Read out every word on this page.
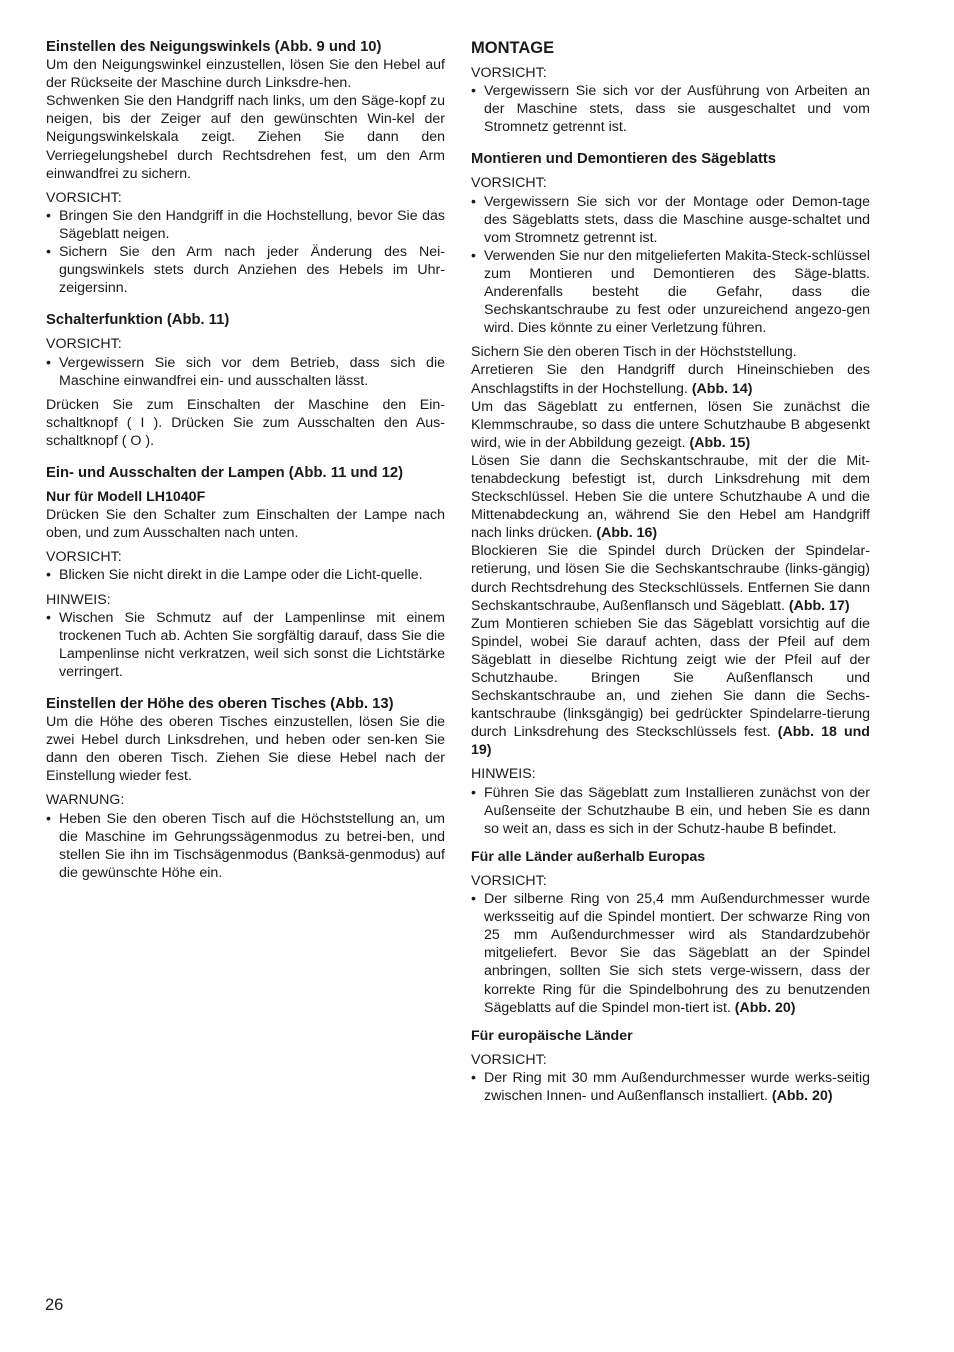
Einstellen des Neigungswinkels (Abb. 9 und 10)

Um den Neigungswinkel einzustellen, lösen Sie den Hebel auf der Rückseite der Maschine durch Linksdre-hen.

Schwenken Sie den Handgriff nach links, um den Säge-kopf zu neigen, bis der Zeiger auf den gewünschten Win-kel der Neigungswinkelskala zeigt. Ziehen Sie dann den Verriegelungshebel durch Rechtsdrehen fest, um den Arm einwandfrei zu sichern.

VORSICHT:

• Bringen Sie den Handgriff in die Hochstellung, bevor Sie das Sägeblatt neigen.
• Sichern Sie den Arm nach jeder Änderung des Nei-gungswinkels stets durch Anziehen des Hebels im Uhr-zeigersinn.
Schalterfunktion (Abb. 11)

VORSICHT:

• Vergewissern Sie sich vor dem Betrieb, dass sich die Maschine einwandfrei ein- und ausschalten lässt.

Drücken Sie zum Einschalten der Maschine den Ein-schaltknopf ( I ). Drücken Sie zum Ausschalten den Aus-schaltknopf ( O ).

Ein- und Ausschalten der Lampen (Abb. 11 und 12)
Nur für Modell LH1040F

Drücken Sie den Schalter zum Einschalten der Lampe nach oben, und zum Ausschalten nach unten.

VORSICHT:

• Blicken Sie nicht direkt in die Lampe oder die Licht-quelle.

HINWEIS:

• Wischen Sie Schmutz auf der Lampenlinse mit einem trockenen Tuch ab. Achten Sie sorgfältig darauf, dass Sie die Lampenlinse nicht verkratzen, weil sich sonst die Lichtstärke verringert.
Einstellen der Höhe des oberen Tisches (Abb. 13)

Um die Höhe des oberen Tisches einzustellen, lösen Sie die zwei Hebel durch Linksdrehen, und heben oder sen-ken Sie dann den oberen Tisch. Ziehen Sie diese Hebel nach der Einstellung wieder fest.

WARNUNG:

• Heben Sie den oberen Tisch auf die Höchststellung an, um die Maschine im Gehrungssägenmodus zu betrei-ben, und stellen Sie ihn im Tischsägenmodus (Banksä-genmodus) auf die gewünschte Höhe ein.
MONTAGE

VORSICHT:

• Vergewissern Sie sich vor der Ausführung von Arbeiten an der Maschine stets, dass sie ausgeschaltet und vom Stromnetz getrennt ist.
Montieren und Demontieren des Sägeblatts

VORSICHT:

• Vergewissern Sie sich vor der Montage oder Demon-tage des Sägeblatts stets, dass die Maschine ausge-schaltet und vom Stromnetz getrennt ist.
• Verwenden Sie nur den mitgelieferten Makita-Steck-schlüssel zum Montieren und Demontieren des Säge-blatts. Anderenfalls besteht die Gefahr, dass die Sechskantschraube zu fest oder unzureichend angezo-gen wird. Dies könnte zu einer Verletzung führen.

Sichern Sie den oberen Tisch in der Höchststellung.

Arretieren Sie den Handgriff durch Hineinschieben des Anschlagstifts in der Hochstellung. (Abb. 14)

Um das Sägeblatt zu entfernen, lösen Sie zunächst die Klemmschraube, so dass die untere Schutzhaube B abgesenkt wird, wie in der Abbildung gezeigt. (Abb. 15)

Lösen Sie dann die Sechskantschraube, mit der die Mit-tenabdeckung befestigt ist, durch Linksdrehung mit dem Steckschlüssel. Heben Sie die untere Schutzhaube A und die Mittenabdeckung an, während Sie den Hebel am Handgriff nach links drücken. (Abb. 16)

Blockieren Sie die Spindel durch Drücken der Spindelar-retierung, und lösen Sie die Sechskantschraube (links-gängig) durch Rechtsdrehung des Steckschlüssels. Entfernen Sie dann Sechskantschraube, Außenflansch und Sägeblatt. (Abb. 17)

Zum Montieren schieben Sie das Sägeblatt vorsichtig auf die Spindel, wobei Sie darauf achten, dass der Pfeil auf dem Sägeblatt in dieselbe Richtung zeigt wie der Pfeil auf der Schutzhaube. Bringen Sie Außenflansch und Sechskantschraube an, und ziehen Sie dann die Sechs-kantschraube (linksgängig) bei gedrückter Spindelarre-tierung durch Linksdrehung des Steckschlüssels fest. (Abb. 18 und 19)

HINWEIS:

• Führen Sie das Sägeblatt zum Installieren zunächst von der Außenseite der Schutzhaube B ein, und heben Sie es dann so weit an, dass es sich in der Schutz-haube B befindet.
Für alle Länder außerhalb Europas

VORSICHT:

• Der silberne Ring von 25,4 mm Außendurchmesser wurde werksseitig auf die Spindel montiert. Der schwarze Ring von 25 mm Außendurchmesser wird als Standardzubehör mitgeliefert. Bevor Sie das Sägeblatt an der Spindel anbringen, sollten Sie sich stets verge-wissern, dass der korrekte Ring für die Spindelbohrung des zu benutzenden Sägeblatts auf die Spindel mon-tiert ist. (Abb. 20)
Für europäische Länder

VORSICHT:

• Der Ring mit 30 mm Außendurchmesser wurde werks-seitig zwischen Innen- und Außenflansch installiert. (Abb. 20)
26
